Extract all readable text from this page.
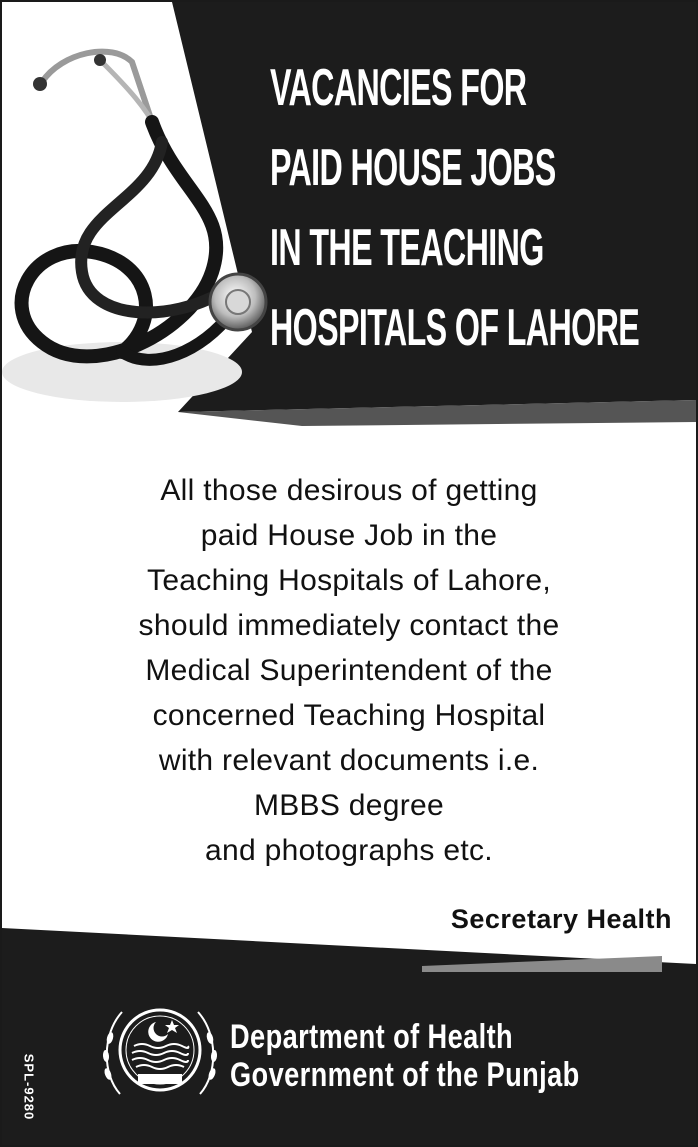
VACANCIES FOR
PAID HOUSE JOBS
IN THE TEACHING
HOSPITALS OF LAHORE
All those desirous of getting
paid House Job in the
Teaching Hospitals of Lahore,
should immediately contact the
Medical Superintendent of the
concerned Teaching Hospital
with relevant documents i.e.
MBBS degree
and photographs etc.
Secretary Health
Department of Health
Government of the Punjab
SPL-9280
